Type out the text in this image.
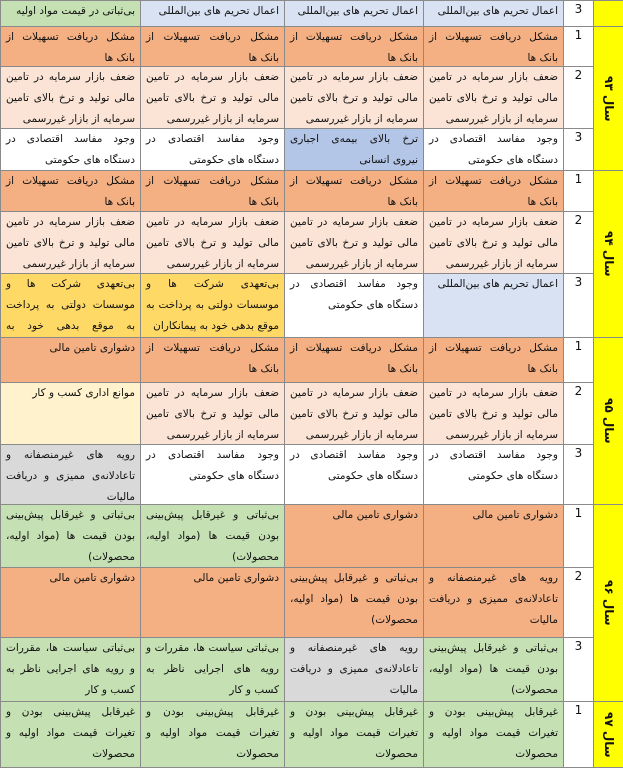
3
اعمال تحریم های بین‌المللی
اعمال تحریم های بین‌المللی
اعمال تحریم های بین‌المللی
بی‌ثباتی در قیمت مواد اولیه
1
مشکل دریافت تسهیلات از بانک ها
مشکل دریافت تسهیلات از بانک ها
مشکل دریافت تسهیلات از بانک ها
مشکل دریافت تسهیلات از بانک ها
2
ضعف بازار سرمایه در تامین مالی تولید و ترخ بالای تامین سرمایه از بازار غیررسمی
ضعف بازار سرمایه در تامین مالی تولید و ترخ بالای تامین سرمایه از بازار غیررسمی
ضعف بازار سرمایه در تامین مالی تولید و ترخ بالای تامین سرمایه از بازار غیررسمی
ضعف بازار سرمایه در تامین مالی تولید و ترخ بالای تامین سرمایه از بازار غیررسمی
3
وجود مفاسد اقتصادی در دستگاه های حکومتی
ترخ بالای بیمه‌ی اجباری نیروی انسانی
وجود مفاسد اقتصادی در دستگاه های حکومتی
وجود مفاسد اقتصادی در دستگاه های حکومتی
1
مشکل دریافت تسهیلات از بانک ها
مشکل دریافت تسهیلات از بانک ها
مشکل دریافت تسهیلات از بانک ها
مشکل دریافت تسهیلات از بانک ها
2
ضعف بازار سرمایه در تامین مالی تولید و ترخ بالای تامین سرمایه از بازار غیررسمی
ضعف بازار سرمایه در تامین مالی تولید و ترخ بالای تامین سرمایه از بازار غیررسمی
ضعف بازار سرمایه در تامین مالی تولید و ترخ بالای تامین سرمایه از بازار غیررسمی
ضعف بازار سرمایه در تامین مالی تولید و ترخ بالای تامین سرمایه از بازار غیررسمی
3
اعمال تحریم های بین‌المللی
وجود مفاسد اقتصادی در دستگاه های حکومتی
بی‌تعهدی شرکت ها و موسسات دولتی به پرداخت به موقع بدهی خود به پیمانکاران
بی‌تعهدی شرکت ها و موسسات دولتی به پرداخت به موقع بدهی خود به
1
مشکل دریافت تسهیلات از بانک ها
مشکل دریافت تسهیلات از بانک ها
مشکل دریافت تسهیلات از بانک ها
دشواری تامین مالی
2
ضعف بازار سرمایه در تامین مالی تولید و ترخ بالای تامین سرمایه از بازار غیررسمی
ضعف بازار سرمایه در تامین مالی تولید و ترخ بالای تامین سرمایه از بازار غیررسمی
ضعف بازار سرمایه در تامین مالی تولید و ترخ بالای تامین سرمایه از بازار غیررسمی
موانع اداری کسب و کار
3
وجود مفاسد اقتصادی در دستگاه های حکومتی
وجود مفاسد اقتصادی در دستگاه های حکومتی
وجود مفاسد اقتصادی در دستگاه های حکومتی
رویه های غیرمنصفانه و تاعادلانه‌ی ممیزی و دریافت مالیات
1
دشواری تامین مالی
دشواری تامین مالی
بی‌ثباتی و غیرقابل پیش‌بینی بودن قیمت ها (مواد اولیه، محصولات)
بی‌ثباتی و غیرقابل پیش‌بینی بودن قیمت ها (مواد اولیه، محصولات)
2
رویه های غیرمنصفانه و تاعادلانه‌ی ممیزی و دریافت مالیات
بی‌ثباتی و غیرقابل پیش‌بینی بودن قیمت ها (مواد اولیه، محصولات)
دشواری تامین مالی
دشواری تامین مالی
3
بی‌ثباتی و غیرقابل پیش‌بینی بودن قیمت ها (مواد اولیه، محصولات)
رویه های غیرمنصفانه و تاعادلانه‌ی ممیزی و دریافت مالیات
بی‌ثباتی سیاست ها، مقررات و رویه های اجرایی ناظر به کسب و کار
بی‌ثباتی سیاست ها، مقررات و رویه های اجرایی ناظر به کسب و کار
1
غیرقابل پیش‌بینی بودن و تغیرات قیمت مواد اولیه و محصولات
غیرقابل پیش‌بینی بودن و تغیرات قیمت مواد اولیه و محصولات
غیرقابل پیش‌بینی بودن و تغیرات قیمت مواد اولیه و محصولات
غیرقابل پیش‌بینی بودن و تغیرات قیمت مواد اولیه و محصولات
سال ۹۳
سال ۹۴
سال ۹۵
سال ۹۶
سال ۹۷
